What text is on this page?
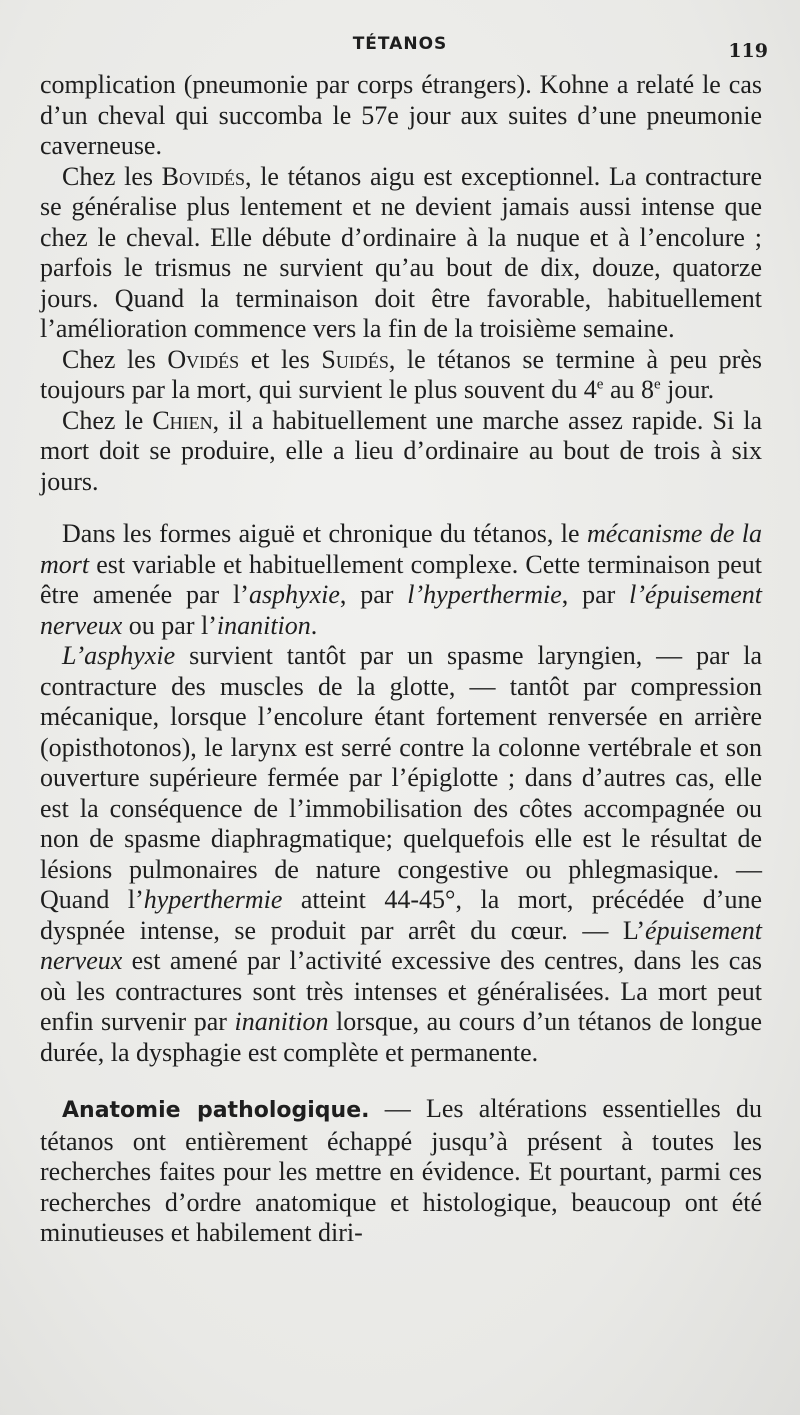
TÉTANOS	119

complication (pneumonie par corps étrangers). Kohne a relaté le cas d’un cheval qui succomba le 57e jour aux suites d’une pneumonie caverneuse.

Chez les Bovidés, le tétanos aigu est exceptionnel. La contracture se généralise plus lentement et ne devient jamais aussi intense que chez le cheval. Elle débute d’ordinaire à la nuque et à l’encolure ; parfois le trismus ne survient qu’au bout de dix, douze, quatorze jours. Quand la terminaison doit être favorable, habituellement l’amélioration commence vers la fin de la troisième semaine.

Chez les Ovidés et les Suidés, le tétanos se termine à peu près toujours par la mort, qui survient le plus souvent du 4e au 8e jour.

Chez le Chien, il a habituellement une marche assez rapide. Si la mort doit se produire, elle a lieu d’ordinaire au bout de trois à six jours.

Dans les formes aiguë et chronique du tétanos, le mécanisme de la mort est variable et habituellement complexe. Cette terminaison peut être amenée par l’asphyxie, par l’hyperthermie, par l’épuisement nerveux ou par l’inanition.

L’asphyxie survient tantôt par un spasme laryngien, — par la contracture des muscles de la glotte, — tantôt par compression mécanique, lorsque l’encolure étant fortement renversée en arrière (opisthotonos), le larynx est serré contre la colonne vertébrale et son ouverture supérieure fermée par l’épiglotte ; dans d’autres cas, elle est la conséquence de l’immobilisation des côtes accompagnée ou non de spasme diaphragmatique; quelquefois elle est le résultat de lésions pulmonaires de nature congestive ou phlegmasique. — Quand l’hyperthermie atteint 44-45°, la mort, précédée d’une dyspnée intense, se produit par arrêt du cœur. — L’épuisement nerveux est amené par l’activité excessive des centres, dans les cas où les contractures sont très intenses et généralisées. La mort peut enfin survenir par inanition lorsque, au cours d’un tétanos de longue durée, la dysphagie est complète et permanente.

Anatomie pathologique. — Les altérations essentielles du tétanos ont entièrement échappé jusqu’à présent à toutes les recherches faites pour les mettre en évidence. Et pourtant, parmi ces recherches d’ordre anatomique et histologique, beaucoup ont été minutieuses et habilement diri-
